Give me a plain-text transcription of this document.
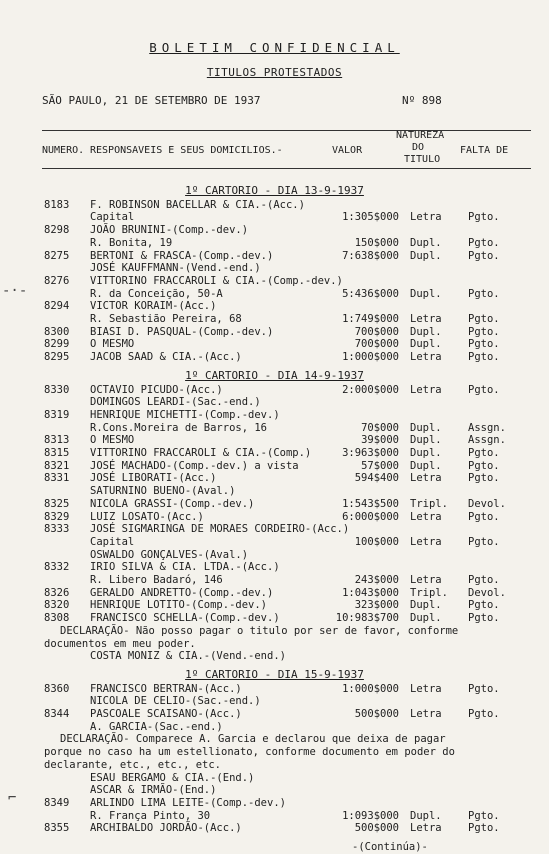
BOLETIM CONFIDENCIAL
TITULOS PROTESTADOS
SÃO PAULO, 21 DE SETEMBRO DE 1937	Nº 898
NUMERO. RESPONSAVEIS E SEUS DOMICILIOS.-	VALOR
NATUREZA
DO
TITULO
FALTA DE
1º CARTORIO - DIA 13-9-1937
8183 F. ROBINSON BACELLAR & CIA.-(Acc.)
Capital	1:305$000 Letra	Pgto.
8298 JOÃO BRUNINI-(Comp.-dev.)
R. Bonita, 19	150$000 Dupl.	Pgto.
8275 BERTONI & FRASCA-(Comp.-dev.)	7:638$000 Dupl.	Pgto.
JOSÉ KAUFFMANN-(Vend.-end.)
8276 VITTORINO FRACCAROLI & CIA.-(Comp.-dev.)
R. da Conceição, 50-A	5:436$000 Dupl.	Pgto.
8294 VICTOR KORAIM-(Acc.)
R. Sebastião Pereira, 68	1:749$000 Letra	Pgto.
8300 BIASI D. PASQUAL-(Comp.-dev.)	700$000 Dupl.	Pgto.
8299 O MESMO	700$000 Dupl.	Pgto.
8295 JACOB SAAD & CIA.-(Acc.)	1:000$000 Letra	Pgto.
1º CARTORIO - DIA 14-9-1937
8330 OCTAVIO PICUDO-(Acc.)	2:000$000 Letra	Pgto.
DOMINGOS LEARDI-(Sac.-end.)
8319 HENRIQUE MICHETTI-(Comp.-dev.)
R.Cons.Moreira de Barros, 16	70$000 Dupl.	Assgn.
8313 O MESMO	39$000 Dupl.	Assgn.
8315 VITTORINO FRACCAROLI & CIA.-(Comp.)	3:963$000 Dupl.	Pgto.
8321 JOSÉ MACHADO-(Comp.-dev.) a vista	57$000 Dupl.	Pgto.
8331 JOSÉ LIBORATI-(Acc.)	594$400 Letra	Pgto.
SATURNINO BUENO-(Aval.)
8325 NICOLA GRASSI-(Comp.-dev.)	1:543$500 Tripl. Devol.
8329 LUIZ LOSATO-(Acc.)	6:000$000 Letra	Pgto.
8333 JOSÉ SIGMARINGA DE MORAES CORDEIRO-(Acc.)
Capital	100$000 Letra	Pgto.
OSWALDO GONÇALVES-(Aval.)
8332 IRIO SILVA & CIA. LTDA.-(Acc.)
R. Libero Badaró, 146	243$000 Letra	Pgto.
8326 GERALDO ANDRETTO-(Comp.-dev.)	1:043$000 Tripl. Devol.
8320 HENRIQUE LOTITO-(Comp.-dev.)	323$000 Dupl.	Pgto.
8308 FRANCISCO SCHELLA-(Comp.-dev.)	10:983$700 Dupl.	Pgto.
DECLARAÇÃO- Não posso pagar o titulo por ser de favor, conforme
documentos em meu poder.
COSTA MONIZ & CIA.-(Vend.-end.)
1º CARTORIO - DIA 15-9-1937
8360 FRANCISCO BERTRAN-(Acc.)	1:000$000 Letra	Pgto.
NICOLA DE CELIO-(Sac.-end.)
8344 PASCOALE SCAISANO-(Acc.)	500$000 Letra	Pgto.
A. GARCIA-(Sac.-end.)
DECLARAÇÃO- Comparece A. Garcia e declarou que deixa de pagar
porque no caso ha um estellionato, conforme documento em poder do
declarante, etc., etc., etc.
ESAU BERGAMO & CIA.-(End.)
ASCAR & IRMÃO-(End.)
8349 ARLINDO LIMA LEITE-(Comp.-dev.)
R. França Pinto, 30	1:093$000 Dupl.	Pgto.
8355 ARCHIBALDO JORDÃO-(Acc.)	500$000 Letra	Pgto.
-(Continúa)-
-·-
⌐
